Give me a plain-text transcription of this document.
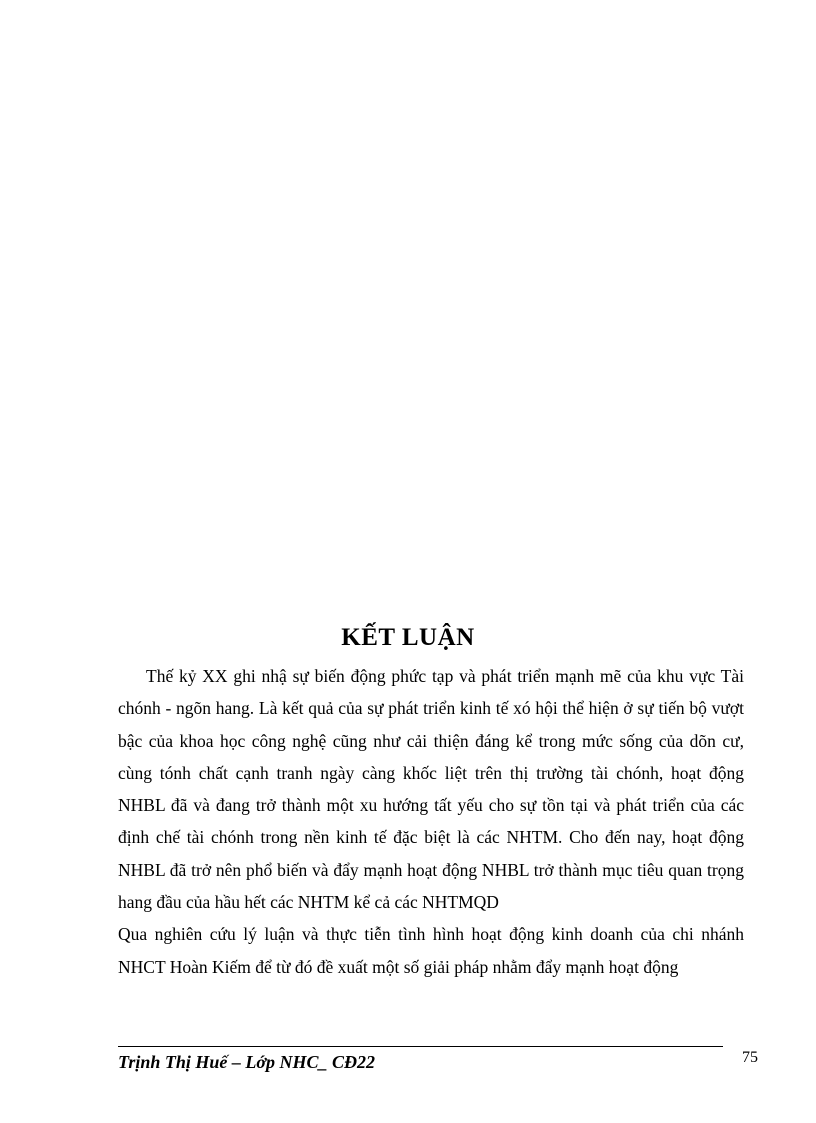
KẾT LUẬN

Thế kỷ XX ghi nhậ sự biến động phức tạp và phát triển mạnh mẽ của khu vực Tài chónh - ngõn hang. Là kết quả của sự phát triển kinh tế xó hội thể hiện ở sự tiến bộ vượt bậc của khoa học công nghệ cũng như cải thiện đáng kể trong mức sống của dõn cư, cùng tónh chất cạnh tranh ngày càng khốc liệt trên thị trường tài chónh, hoạt động NHBL đã và đang trở thành một xu hướng tất yếu cho sự tồn tại và phát triển của các định chế tài chónh trong nền kinh tế đặc biệt là các NHTM. Cho đến nay, hoạt động NHBL đã trở nên phổ biến và đẩy mạnh hoạt động NHBL trở thành mục tiêu quan trọng hang đầu của hầu hết các NHTM kể cả các NHTMQD

Qua nghiên cứu lý luận và thực tiễn tình hình hoạt động kinh doanh của chi nhánh NHCT Hoàn Kiếm để từ đó đề xuất một số giải pháp nhằm đẩy mạnh hoạt động

Trịnh Thị Huế – Lớp NHC_ CĐ22	75
